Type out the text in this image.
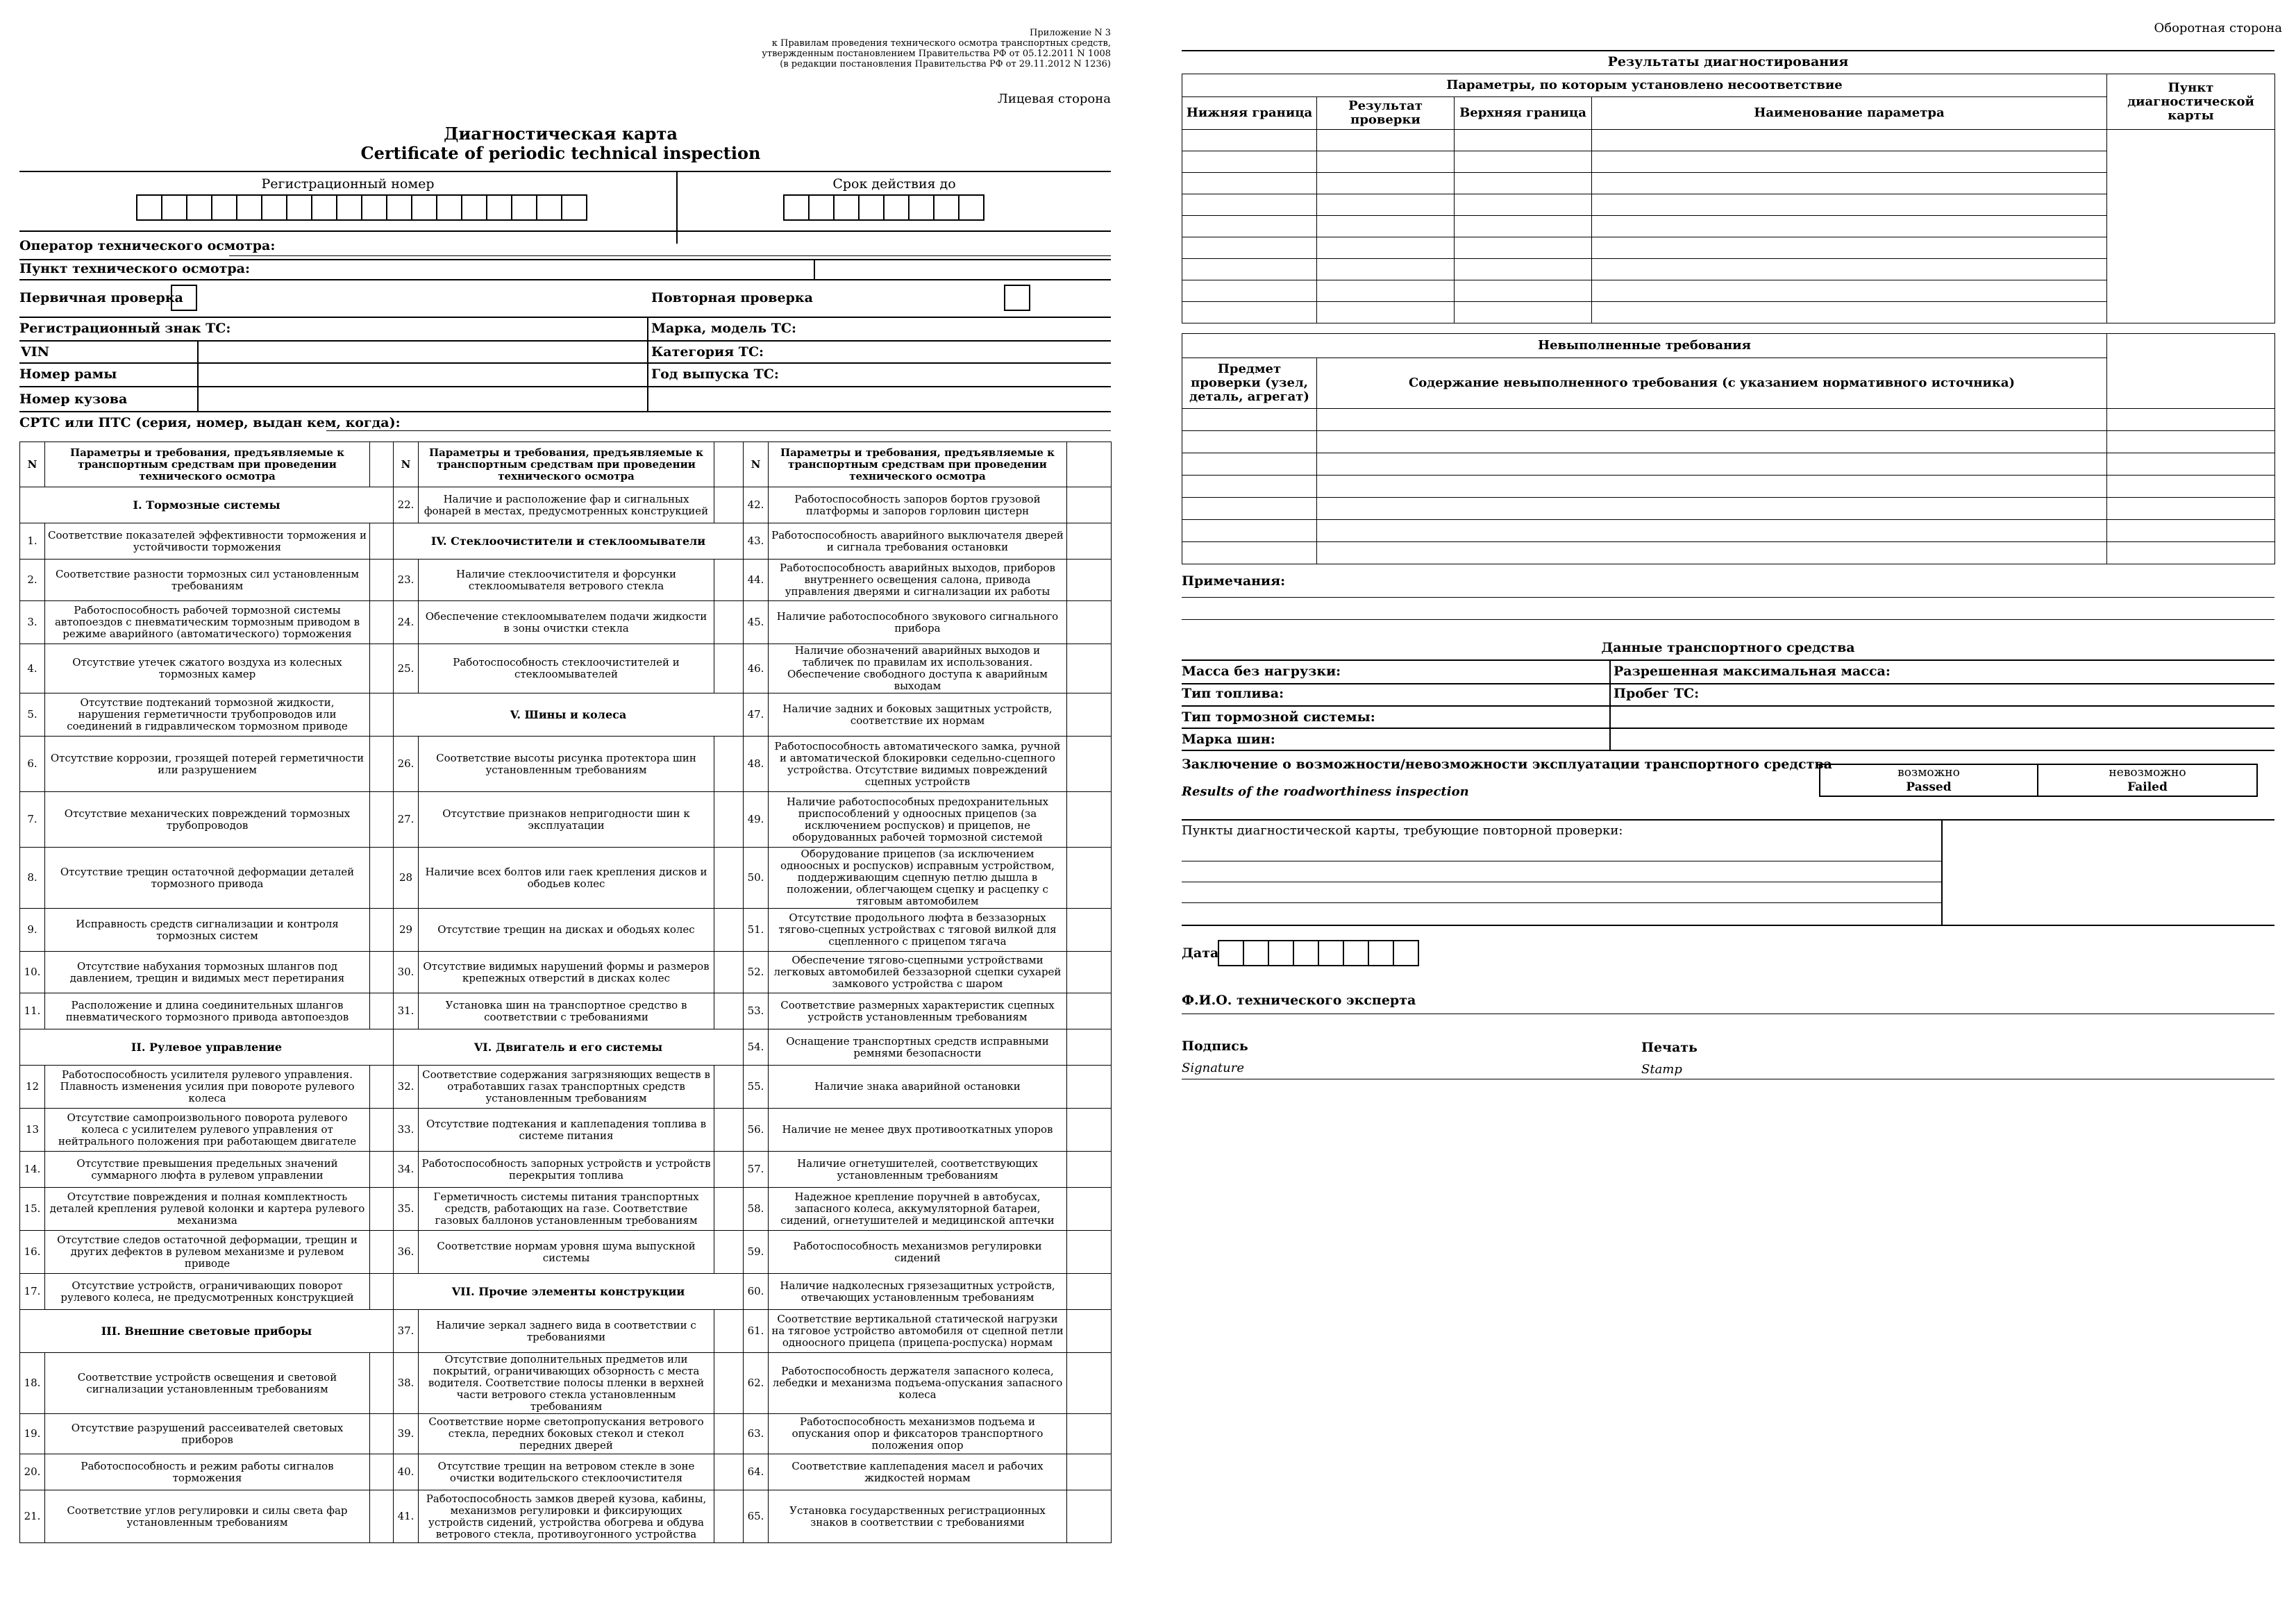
Приложение N 3
к Правилам проведения технического осмотра транспортных средств,
утвержденным постановлением Правительства РФ от 05.12.2011 N 1008
(в редакции постановления Правительства РФ от 29.11.2012 N 1236)
Лицевая сторона
Диагностическая карта
Certificate of periodic technical inspection
Регистрационный номер	Срок действия до
Оператор технического осмотра:
Пункт технического осмотра:
Первичная проверка	Повторная проверка
Регистрационный знак ТС:	Марка, модель ТС:
VIN	Категория ТС:
Номер рамы	Год выпуска ТС:
Номер кузова
СРТС или ПТС (серия, номер, выдан кем, когда):
N	Параметры и требования, предъявляемые к транспортным средствам при проведении технического осмотра		N	Параметры и требования, предъявляемые к транспортным средствам при проведении технического осмотра		N	Параметры и требования, предъявляемые к транспортным средствам при проведении технического осмотра	
I. Тормозные системы			22.	Наличие и расположение фар и сигнальных фонарей в местах, предусмотренных конструкцией		42.	Работоспособность запоров бортов грузовой платформы и запоров горловин цистерн	
1.	Соответствие показателей эффективности торможения и устойчивости торможения		IV. Стеклоочистители и стеклоомыватели			43.	Работоспособность аварийного выключателя дверей и сигнала требования остановки	
2.	Соответствие разности тормозных сил установленным требованиям		23.	Наличие стеклоочистителя и форсунки стеклоомывателя ветрового стекла		44.	Работоспособность аварийных выходов, приборов внутреннего освещения салона, привода управления дверями и сигнализации их работы	
3.	Работоспособность рабочей тормозной системы автопоездов с пневматическим тормозным приводом в режиме аварийного (автоматического) торможения		24.	Обеспечение стеклоомывателем подачи жидкости в зоны очистки стекла		45.	Наличие работоспособного звукового сигнального прибора	
4.	Отсутствие утечек сжатого воздуха из колесных тормозных камер		25.	Работоспособность стеклоочистителей и стеклоомывателей		46.	Наличие обозначений аварийных выходов и табличек по правилам их использования. Обеспечение свободного доступа к аварийным выходам	
5.	Отсутствие подтеканий тормозной жидкости, нарушения герметичности трубопроводов или соединений в гидравлическом тормозном приводе		V. Шины и колеса			47.	Наличие задних и боковых защитных устройств, соответствие их нормам	
6.	Отсутствие коррозии, грозящей потерей герметичности или разрушением		26.	Соответствие высоты рисунка протектора шин установленным требованиям		48.	Работоспособность автоматического замка, ручной и автоматической блокировки седельно-сцепного устройства. Отсутствие видимых повреждений сцепных устройств	
7.	Отсутствие механических повреждений тормозных трубопроводов		27.	Отсутствие признаков непригодности шин к эксплуатации		49.	Наличие работоспособных предохранительных приспособлений у одноосных прицепов (за исключением роспусков) и прицепов, не оборудованных рабочей тормозной системой	
8.	Отсутствие трещин остаточной деформации деталей тормозного привода		28	Наличие всех болтов или гаек крепления дисков и ободьев колес		50.	Оборудование прицепов (за исключением одноосных и роспусков) исправным устройством, поддерживающим сцепную петлю дышла в положении, облегчающем сцепку и расцепку с тяговым автомобилем	
9.	Исправность средств сигнализации и контроля тормозных систем		29	Отсутствие трещин на дисках и ободьях колес		51.	Отсутствие продольного люфта в беззазорных тягово-сцепных устройствах с тяговой вилкой для сцепленного с прицепом тягача	
10.	Отсутствие набухания тормозных шлангов под давлением, трещин и видимых мест перетирания		30.	Отсутствие видимых нарушений формы и размеров крепежных отверстий в дисках колес		52.	Обеспечение тягово-сцепными устройствами легковых автомобилей беззазорной сцепки сухарей замкового устройства с шаром	
11.	Расположение и длина соединительных шлангов пневматического тормозного привода автопоездов		31.	Установка шин на транспортное средство в соответствии с требованиями		53.	Соответствие размерных характеристик сцепных устройств установленным требованиям	
II. Рулевое управление			VI. Двигатель и его системы			54.	Оснащение транспортных средств исправными ремнями безопасности	
12	Работоспособность усилителя рулевого управления. Плавность изменения усилия при повороте рулевого колеса		32.	Соответствие содержания загрязняющих веществ в отработавших газах транспортных средств установленным требованиям		55.	Наличие знака аварийной остановки	
13	Отсутствие самопроизвольного поворота рулевого колеса с усилителем рулевого управления от нейтрального положения при работающем двигателе		33.	Отсутствие подтекания и каплепадения топлива в системе питания		56.	Наличие не менее двух противооткатных упоров	
14.	Отсутствие превышения предельных значений суммарного люфта в рулевом управлении		34.	Работоспособность запорных устройств и устройств перекрытия топлива		57.	Наличие огнетушителей, соответствующих установленным требованиям	
15.	Отсутствие повреждения и полная комплектность деталей крепления рулевой колонки и картера рулевого механизма		35.	Герметичность системы питания транспортных средств, работающих на газе. Соответствие газовых баллонов установленным требованиям		58.	Надежное крепление поручней в автобусах, запасного колеса, аккумуляторной батареи, сидений, огнетушителей и медицинской аптечки	
16.	Отсутствие следов остаточной деформации, трещин и других дефектов в рулевом механизме и рулевом приводе		36.	Соответствие нормам уровня шума выпускной системы		59.	Работоспособность механизмов регулировки сидений	
17.	Отсутствие устройств, ограничивающих поворот рулевого колеса, не предусмотренных конструкцией		VII. Прочие элементы конструкции			60.	Наличие надколесных грязезащитных устройств, отвечающих установленным требованиям	
III. Внешние световые приборы			37.	Наличие зеркал заднего вида в соответствии с требованиями		61.	Соответствие вертикальной статической нагрузки на тяговое устройство автомобиля от сцепной петли одноосного прицепа (прицепа-роспуска) нормам	
18.	Соответствие устройств освещения и световой сигнализации установленным требованиям		38.	Отсутствие дополнительных предметов или покрытий, ограничивающих обзорность с места водителя. Соответствие полосы пленки в верхней части ветрового стекла установленным требованиям		62.	Работоспособность держателя запасного колеса, лебедки и механизма подъема-опускания запасного колеса	
19.	Отсутствие разрушений рассеивателей световых приборов		39.	Соответствие норме светопропускания ветрового стекла, передних боковых стекол и стекол передних дверей		63.	Работоспособность механизмов подъема и опускания опор и фиксаторов транспортного положения опор	
20.	Работоспособность и режим работы сигналов торможения		40.	Отсутствие трещин на ветровом стекле в зоне очистки водительского стеклоочистителя		64.	Соответствие каплепадения масел и рабочих жидкостей нормам	
21.	Соответствие углов регулировки и силы света фар установленным требованиям		41.	Работоспособность замков дверей кузова, кабины, механизмов регулировки и фиксирующих устройств сидений, устройства обогрева и обдува ветрового стекла, противоугонного устройства		65.	Установка государственных регистрационных знаков в соответствии с требованиями	
Оборотная сторона
Результаты диагностирования
Параметры, по которым установлено несоответствие				Пункт диагностической карты
Нижняя граница	Результат проверки	Верхняя граница	Наименование параметра	

Невыполненные требования		
Предмет проверки (узел, деталь, агрегат)	Содержание невыполненного требования (с указанием нормативного источника)	

Примечания:
Данные транспортного средства
Масса без нагрузки:	Разрешенная максимальная масса:
Тип топлива:	Пробег ТС:
Тип тормозной системы:
Марка шин:
Заключение о возможности/невозможности эксплуатации транспортного средства
Results of the roadworthiness inspection
возможно
Passed
невозможно
Failed
Пункты диагностической карты, требующие повторной проверки:
Дата
Ф.И.О. технического эксперта
Подпись
Signature
Печать
Stamp
